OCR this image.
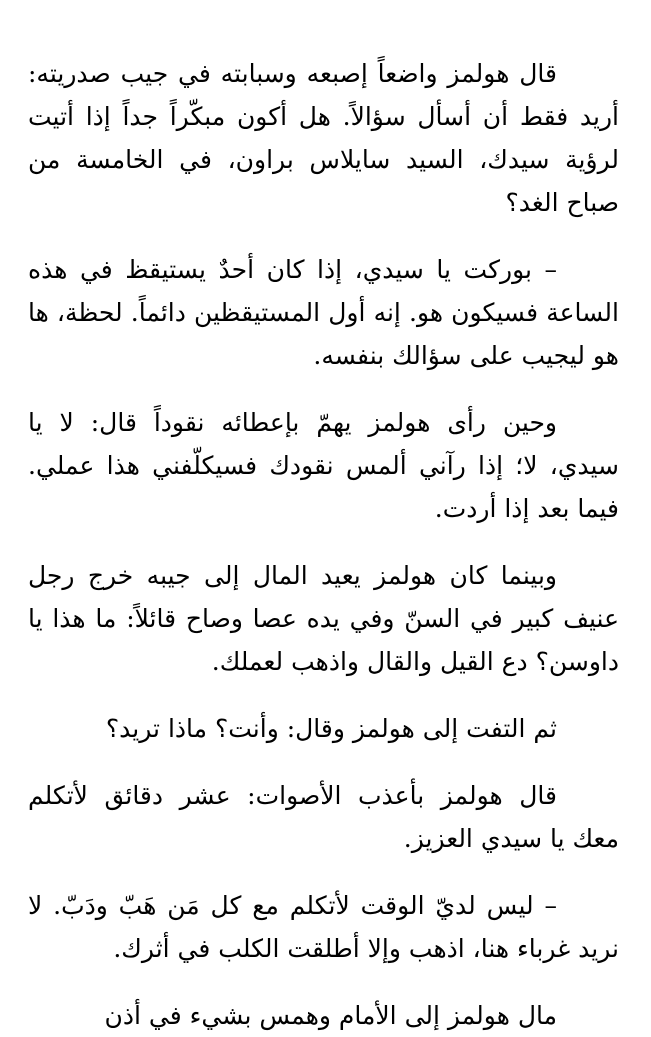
قال هولمز واضعاً إصبعه وسبابته في جيب صدريته: أريد فقط أن أسأل سؤالاً. هل أكون مبكّراً جداً إذا أتيت لرؤية سيدك، السيد سايلاس براون، في الخامسة من صباح الغد؟

– بوركت يا سيدي، إذا كان أحدٌ يستيقظ في هذه الساعة فسيكون هو. إنه أول المستيقظين دائماً. لحظة، ها هو ليجيب على سؤالك بنفسه.

وحين رأى هولمز يهمّ بإعطائه نقوداً قال: لا يا سيدي، لا؛ إذا رآني ألمس نقودك فسيكلّفني هذا عملي. فيما بعد إذا أردت.

وبينما كان هولمز يعيد المال إلى جيبه خرج رجل عنيف كبير في السنّ وفي يده عصا وصاح قائلاً: ما هذا يا داوسن؟ دع القيل والقال واذهب لعملك.

ثم التفت إلى هولمز وقال: وأنت؟ ماذا تريد؟

قال هولمز بأعذب الأصوات: عشر دقائق لأتكلم معك يا سيدي العزيز.

– ليس لديّ الوقت لأتكلم مع كل مَن هَبّ ودَبّ. لا نريد غرباء هنا، اذهب وإلا أطلقت الكلب في أثرك.

مال هولمز إلى الأمام وهمس بشيء في أذن
